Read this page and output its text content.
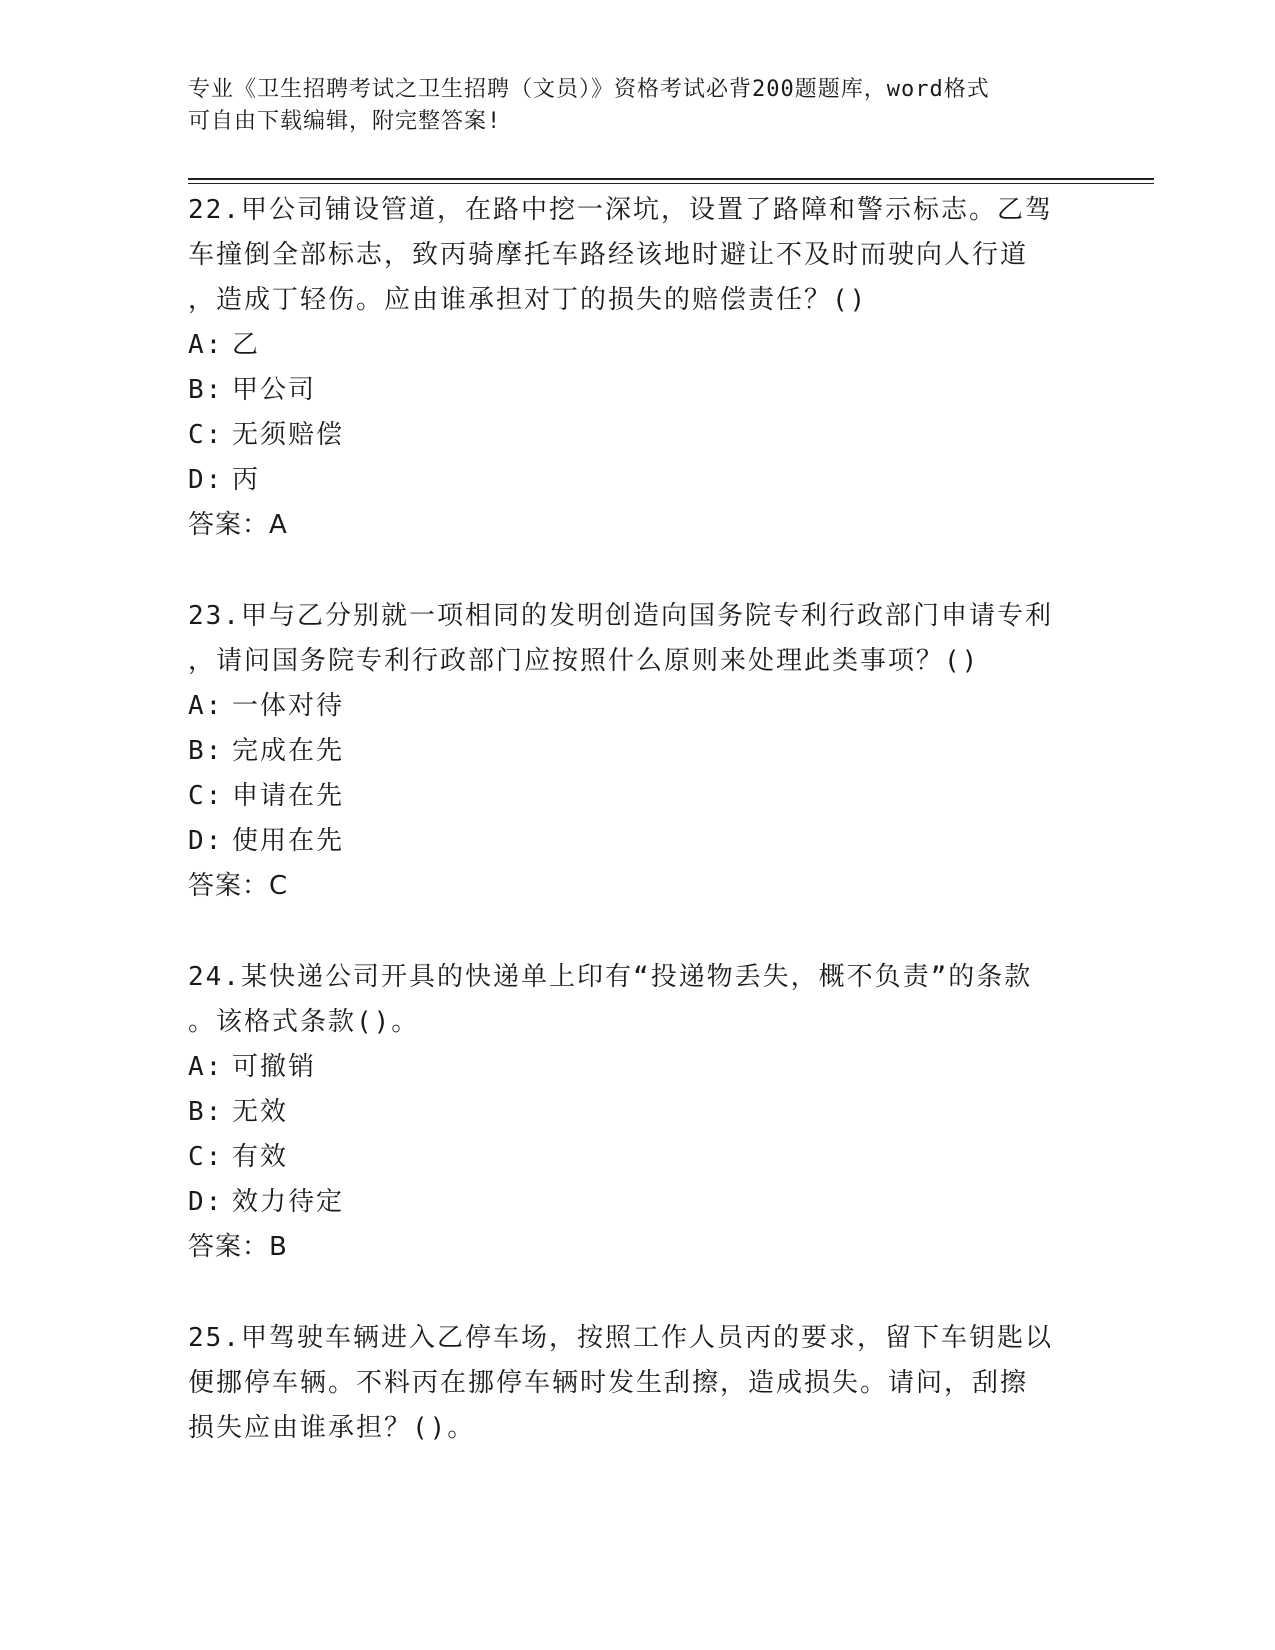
专业《卫生招聘考试之卫生招聘（文员）》资格考试必背200题题库，word格式
可自由下载编辑，附完整答案!
22.甲公司铺设管道，在路中挖一深坑，设置了路障和警示标志。乙驾
车撞倒全部标志，致丙骑摩托车路经该地时避让不及时而驶向人行道
，造成丁轻伤。应由谁承担对丁的损失的赔偿责任？()
A: 乙
B: 甲公司
C: 无须赔偿
D: 丙
答案：A
23.甲与乙分别就一项相同的发明创造向国务院专利行政部门申请专利
，请问国务院专利行政部门应按照什么原则来处理此类事项？()
A: 一体对待
B: 完成在先
C: 申请在先
D: 使用在先
答案：C
24.某快递公司开具的快递单上印有“投递物丢失，概不负责”的条款
。该格式条款()。
A: 可撤销
B: 无效
C: 有效
D: 效力待定
答案：B
25.甲驾驶车辆进入乙停车场，按照工作人员丙的要求，留下车钥匙以
便挪停车辆。不料丙在挪停车辆时发生刮擦，造成损失。请问，刮擦
损失应由谁承担？()。
